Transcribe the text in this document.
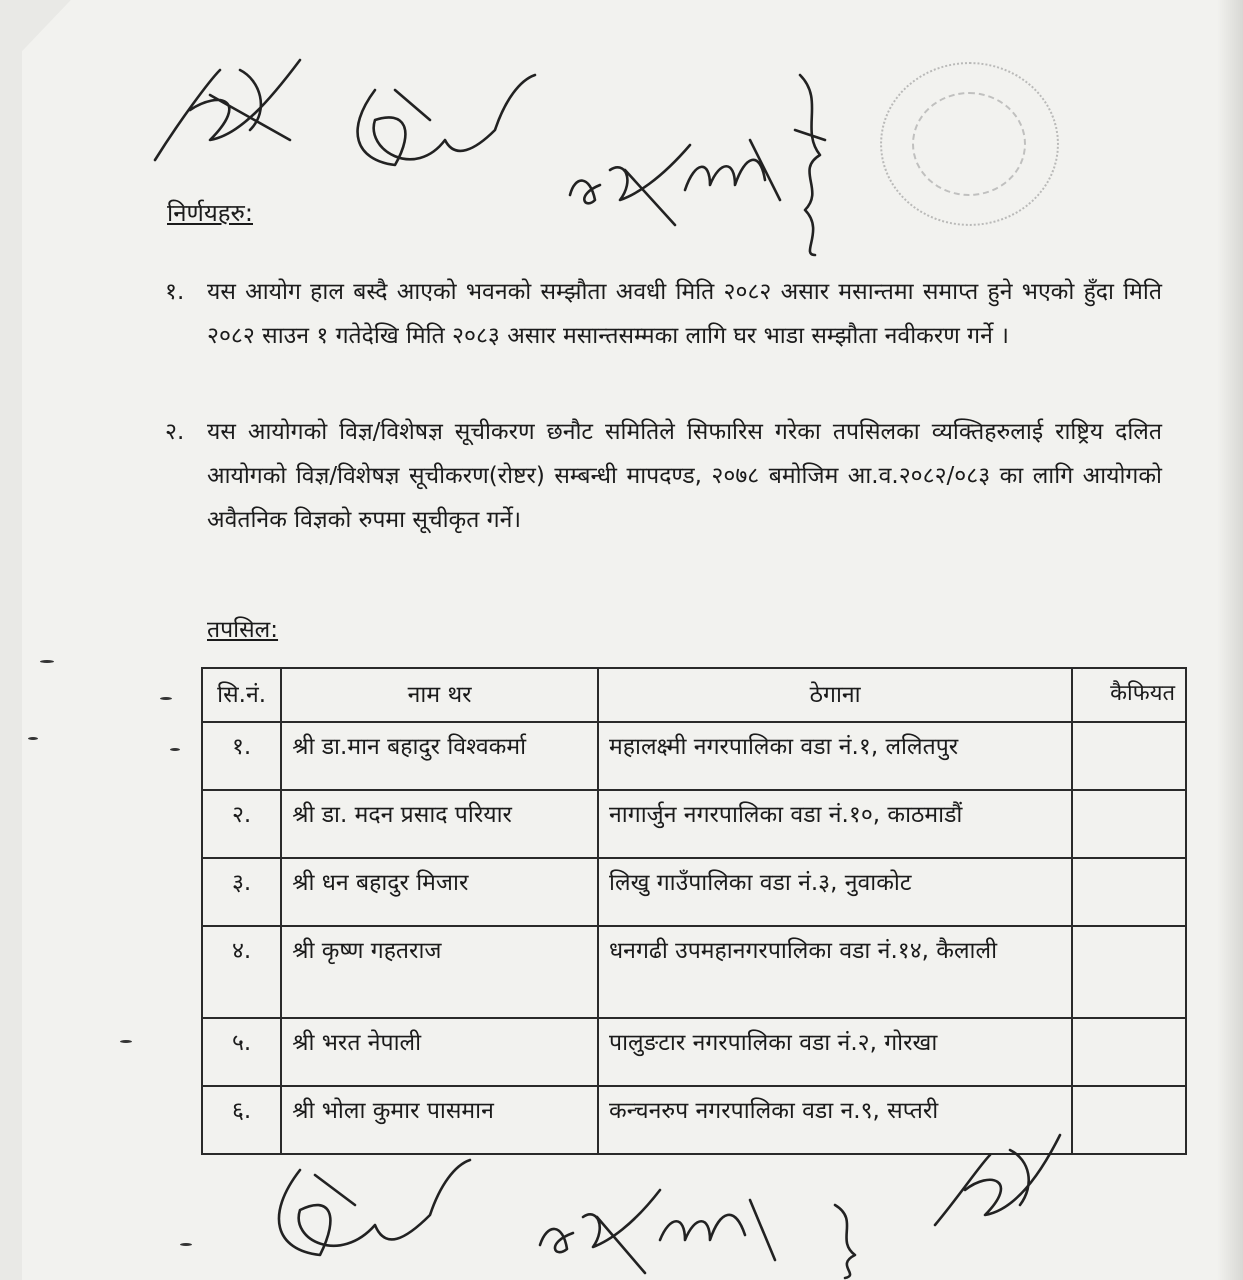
निर्णयहरु:
१. यस आयोग हाल बस्दै आएको भवनको सम्झौता अवधी मिति २०८२ असार मसान्तमा समाप्त हुने भएको हुँदा मिति २०८२ साउन १ गतेदेखि मिति २०८३ असार मसान्तसम्मका लागि घर भाडा सम्झौता नवीकरण गर्ने ।
२. यस आयोगको विज्ञ/विशेषज्ञ सूचीकरण छनौट समितिले सिफारिस गरेका तपसिलका व्यक्तिहरुलाई राष्ट्रिय दलित आयोगको विज्ञ/विशेषज्ञ सूचीकरण(रोष्टर) सम्बन्धी मापदण्ड, २०७८ बमोजिम आ.व.२०८२/०८३ का लागि आयोगको अवैतनिक विज्ञको रुपमा सूचीकृत गर्ने।
तपसिल:
सि.नं.	नाम थर	ठेगाना	कैफियत
१.	श्री डा.मान बहादुर विश्वकर्मा	महालक्ष्मी नगरपालिका वडा नं.१, ललितपुर	
२.	श्री डा. मदन प्रसाद परियार	नागार्जुन नगरपालिका वडा नं.१०, काठमाडौं	
३.	श्री धन बहादुर मिजार	लिखु गाउँपालिका वडा नं.३, नुवाकोट	
४.	श्री कृष्ण गहतराज	धनगढी उपमहानगरपालिका वडा नं.१४, कैलाली	
५.	श्री भरत नेपाली	पालुङटार नगरपालिका वडा नं.२, गोरखा	
६.	श्री भोला कुमार पासमान	कन्चनरुप नगरपालिका वडा न.९, सप्तरी	
